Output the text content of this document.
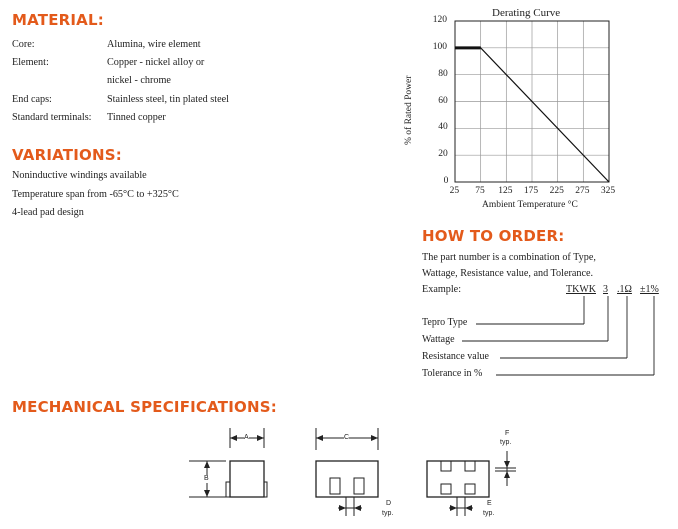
MATERIAL:
Core:	Alumina, wire element
Element:	Copper - nickel alloy or
nickel - chrome
End caps:	Stainless steel, tin plated steel
Standard terminals: Tinned copper
VARIATIONS:
Noninductive windings available
Temperature span from -65°C to +325°C
4-lead pad design
Derating Curve
% of Rated Power
Ambient Temperature °C
25 75 125 175 225 275 325
0
20
40
60
80
100
120
HOW TO ORDER:
The part number is a combination of Type,
Wattage, Resistance value, and Tolerance.
Example:	TKWK 3 .1Ω ±1%
Tepro Type
Wattage
Resistance value
Tolerance in %
MECHANICAL SPECIFICATIONS:
A
B
C
D
typ.
E
typ.
F
typ.
